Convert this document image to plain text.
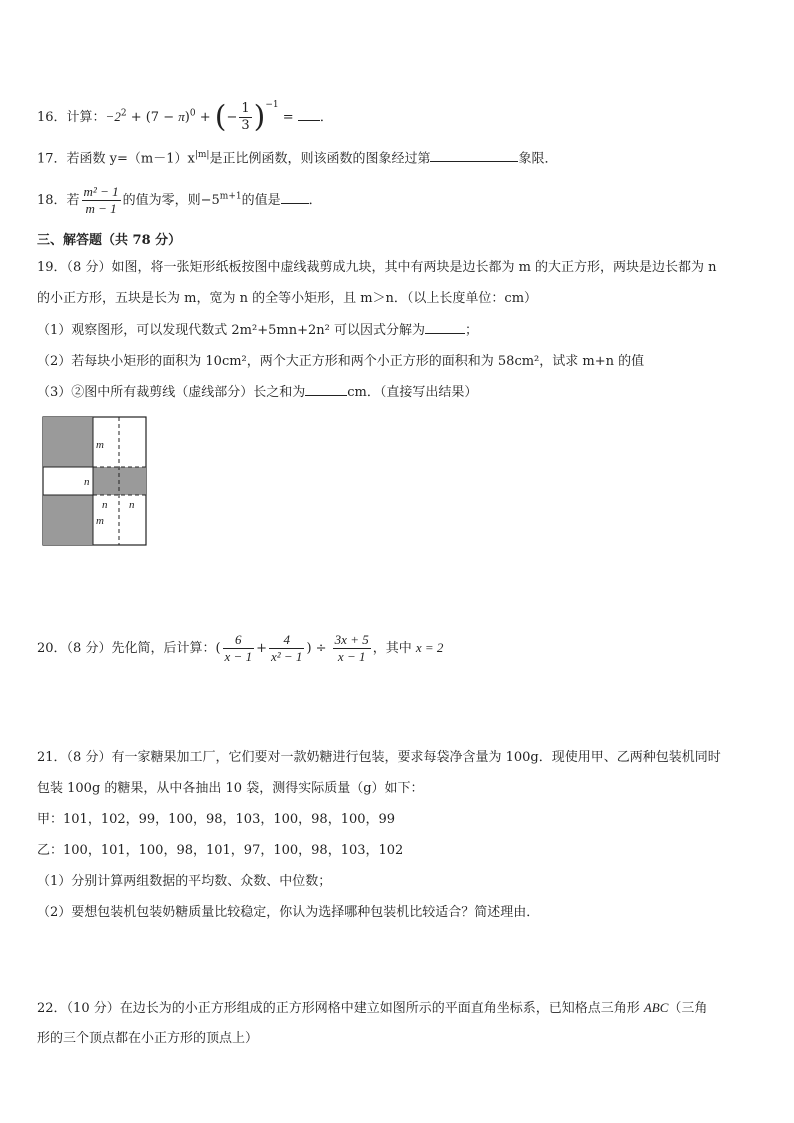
16．计算：$-2^2 + (7 - \pi)^0$ + (− $\frac{1}{3} )^{-1}$ = ．
17．若函数 $y=(m-1)x^{|m|}$是正比例函数，则该函数的图象经过第	象限．
18．若 $\frac{\text{m² − 1}}{m - 1}$ 的值为零，则$-5^{m+1}$的值是 ．
三、解答题（共 78 分）
19．（8 分）如图，将一张矩形纸板按图中虚线裁剪成九块，其中有两块是边长都为 m 的大正方形，两块是边长都为 n
的小正方形，五块是长为 m，宽为 n 的全等小矩形，且 m＞n．（以上长度单位：cm）
（1）观察图形，可以发现代数式 2m²+5mn+2n² 可以因式分解为	；
（2）若每块小矩形的面积为 10cm²，两个大正方形和两个小正方形的面积和为 58cm²，试求 m+n 的值
（3）②图中所有裁剪线（虚线部分）长之和为	cm．（直接写出结果）
m
n
n n
m
20．（8 分）先化简，后计算：( $\frac{6}{x - 1} + \frac{4}{\text{x² − 1}}$ ) ÷ $\frac{3x + 5}{x - 1}$ ，其中 x = 2
21．（8 分）有一家糖果加工厂，它们要对一款奶糖进行包装，要求每袋净含量为 100g．现使用甲、乙两种包装机同时
包装 100g 的糖果，从中各抽出 10 袋，测得实际质量（g）如下：
甲：101，102，99，100，98，103，100，98，100，99
乙：100，101，100，98，101，97，100，98，103，102
（1）分别计算两组数据的平均数、众数、中位数；
（2）要想包装机包装奶糖质量比较稳定，你认为选择哪种包装机比较适合？简述理由．
22．（10 分）在边长为的小正方形组成的正方形网格中建立如图所示的平面直角坐标系，已知格点三角形 ABC（三角
形的三个顶点都在小正方形的顶点上）
